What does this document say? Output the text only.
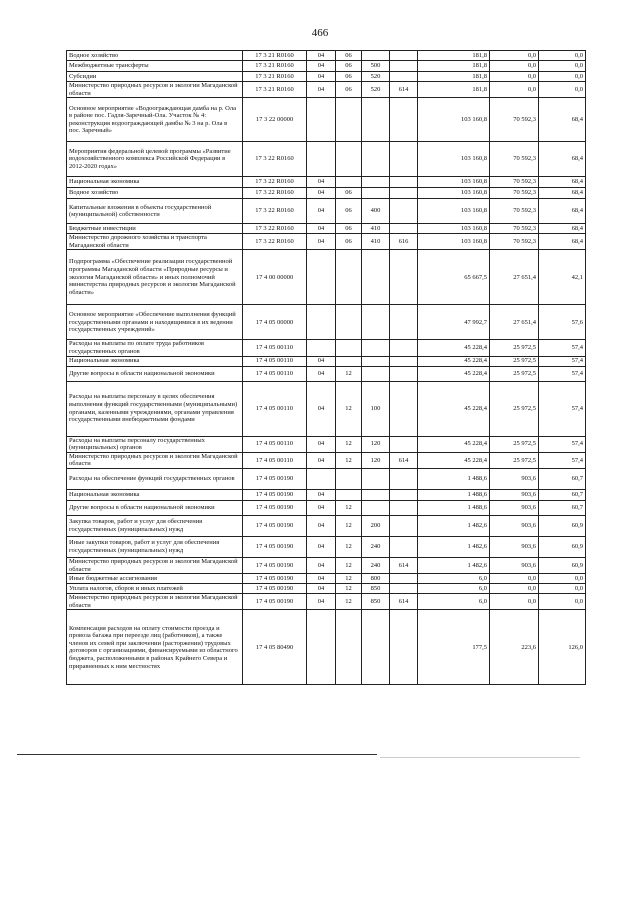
466
Водное хозяйство	17 3 21 R0160	04	06			181,8	0,0	0,0
Межбюджетные трансферты	17 3 21 R0160	04	06	500		181,8	0,0	0,0
Субсидии	17 3 21 R0160	04	06	520		181,8	0,0	0,0
Министерство природных ресурсов и экологии Магаданской области	17 3 21 R0160	04	06	520	614	181,8	0,0	0,0
Основное мероприятие «Водоограждающая дамба на р. Ола в районе пос. Гадля-Заречный-Ола. Участок № 4: реконструкция водоограждающей дамбы № 3 на р. Ола в пос. Заречный»	17 3 22 00000					103 160,8	70 592,3	68,4
Мероприятия федеральной целевой программы «Развитие водохозяйственного комплекса Российской Федерации в 2012-2020 годах»	17 3 22 R0160					103 160,8	70 592,3	68,4
Национальная экономика	17 3 22 R0160	04				103 160,8	70 592,3	68,4
Водное хозяйство	17 3 22 R0160	04	06			103 160,8	70 592,3	68,4
Капитальные вложения в объекты государственной (муниципальной) собственности	17 3 22 R0160	04	06	400		103 160,8	70 592,3	68,4
Бюджетные инвестиции	17 3 22 R0160	04	06	410		103 160,8	70 592,3	68,4
Министерство дорожного хозяйства и транспорта Магаданской области	17 3 22 R0160	04	06	410	616	103 160,8	70 592,3	68,4
Подпрограмма «Обеспечение реализации государственной программы Магаданской области «Природные ресурсы и экология Магаданской области» и иных полномочий министерства природных ресурсов и экологии Магаданской области»	17 4 00 00000					65 667,5	27 651,4	42,1
Основное мероприятие «Обеспечение выполнения функций государственными органами и находящимися в их ведении государственных учреждений»	17 4 05 00000					47 992,7	27 651,4	57,6
Расходы на выплаты по оплате труда работников государственных органов	17 4 05 00110					45 228,4	25 972,5	57,4
Национальная экономика	17 4 05 00110	04				45 228,4	25 972,5	57,4
Другие вопросы в области национальной экономики	17 4 05 00110	04	12			45 228,4	25 972,5	57,4
Расходы на выплаты персоналу в целях обеспечения выполнения функций государственными (муниципальными) органами, казенными учреждениями, органами управления государственными внебюджетными фондами	17 4 05 00110	04	12	100		45 228,4	25 972,5	57,4
Расходы на выплаты персоналу государственных (муниципальных) органов	17 4 05 00110	04	12	120		45 228,4	25 972,5	57,4
Министерство природных ресурсов и экологии Магаданской области	17 4 05 00110	04	12	120	614	45 228,4	25 972,5	57,4
Расходы на обеспечение функций государственных органов	17 4 05 00190					1 488,6	903,6	60,7
Национальная экономика	17 4 05 00190	04				1 488,6	903,6	60,7
Другие вопросы в области национальной экономики	17 4 05 00190	04	12			1 488,6	903,6	60,7
Закупка товаров, работ и услуг для обеспечения государственных (муниципальных) нужд	17 4 05 00190	04	12	200		1 482,6	903,6	60,9
Иные закупки товаров, работ и услуг для обеспечения государственных (муниципальных) нужд	17 4 05 00190	04	12	240		1 482,6	903,6	60,9
Министерство природных ресурсов и экологии Магаданской области	17 4 05 00190	04	12	240	614	1 482,6	903,6	60,9
Иные бюджетные ассигнования	17 4 05 00190	04	12	800		6,0	0,0	0,0
Уплата налогов, сборов и иных платежей	17 4 05 00190	04	12	850		6,0	0,0	0,0
Министерство природных ресурсов и экологии Магаданской области	17 4 05 00190	04	12	850	614	6,0	0,0	0,0
Компенсация расходов на оплату стоимости проезда и провоза багажа при переезде лиц (работников), а также членов их семей при заключении (расторжении) трудовых договоров с организациями, финансируемыми из областного бюджета, расположенными в районах Крайнего Севера и приравненных к ним местностях	17 4 05 80490					177,5	223,6	126,0
